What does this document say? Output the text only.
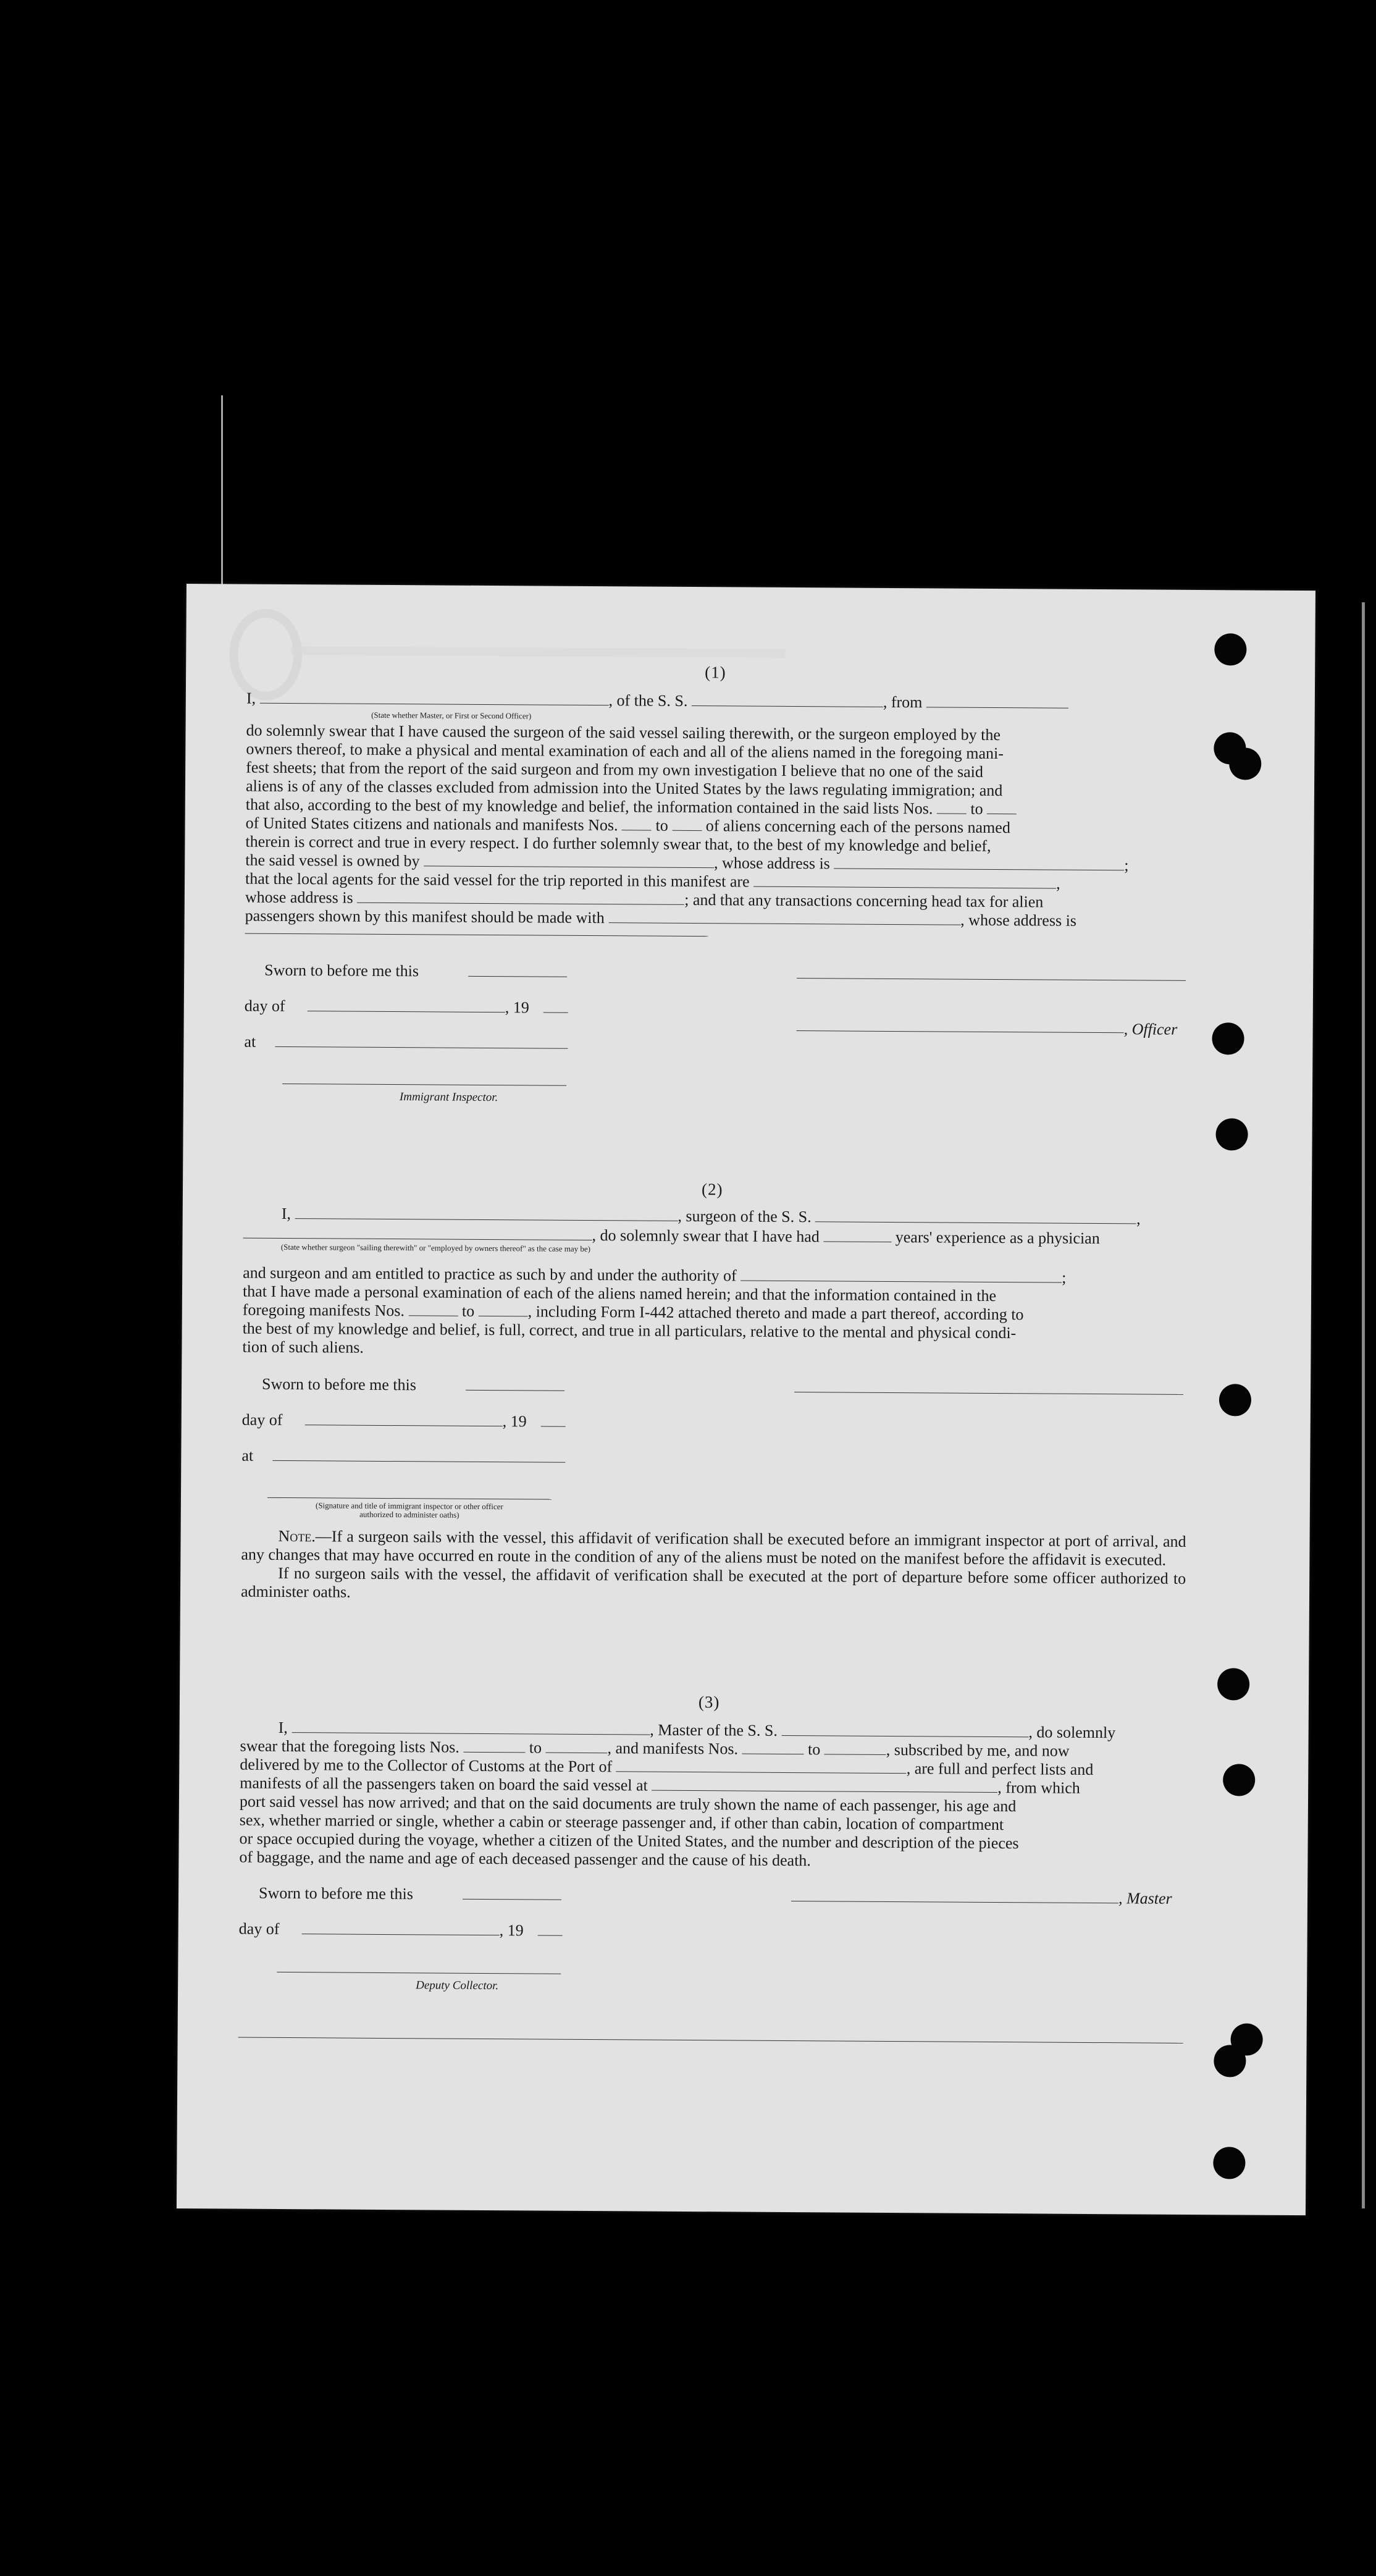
(1)
I,	, of the S. S.	, from
(State whether Master, or First or Second Officer)

do solemnly swear that I have caused the surgeon of the said vessel sailing therewith, or the surgeon employed by the

owners thereof, to make a physical and mental examination of each and all of the aliens named in the foregoing mani-

fest sheets; that from the report of the said surgeon and from my own investigation I believe that no one of the said

aliens is of any of the classes excluded from admission into the United States by the laws regulating immigration; and

that also, according to the best of my knowledge and belief, the information contained in the said lists Nos. to

of United States citizens and nationals and manifests Nos. to of aliens concerning each of the persons named

therein is correct and true in every respect. I do further solemnly swear that, to the best of my knowledge and belief,

the said vessel is owned by	, whose address is	;

that the local agents for the said vessel for the trip reported in this manifest are	,

whose address is	; and that any transactions concerning head tax for alien

passengers shown by this manifest should be made with	, whose address is

Sworn to before me this
day of	, 19
, Officer
at
Immigrant Inspector.
(2)
I,	, surgeon of the S. S.	,
, do solemnly swear that I have had	years' experience as a physician
(State whether surgeon "sailing therewith" or "employed by owners thereof" as the case may be)

and surgeon and am entitled to practice as such by and under the authority of	;

that I have made a personal examination of each of the aliens named herein; and that the information contained in the

foregoing manifests Nos.	to	, including Form I-442 attached thereto and made a part thereof, according to

the best of my knowledge and belief, is full, correct, and true in all particulars, relative to the mental and physical condi-

tion of such aliens.

Sworn to before me this
day of	, 19
at
(Signature and title of immigrant inspector or other officer authorized to administer oaths)

Note.—If a surgeon sails with the vessel, this affidavit of verification shall be executed before an immigrant inspector at port of arrival, and any changes that may have occurred en route in the condition of any of the aliens must be noted on the manifest before the affidavit is executed.

If no surgeon sails with the vessel, the affidavit of verification shall be executed at the port of departure before some officer authorized to administer oaths.

(3)
I,	, Master of the S. S.	, do solemnly
swear that the foregoing lists Nos.	to	, and manifests Nos.	to	, subscribed by me, and now
delivered by me to the Collector of Customs at the Port of	, are full and perfect lists and
manifests of all the passengers taken on board the said vessel at	, from which

port said vessel has now arrived; and that on the said documents are truly shown the name of each passenger, his age and

sex, whether married or single, whether a cabin or steerage passenger and, if other than cabin, location of compartment

or space occupied during the voyage, whether a citizen of the United States, and the number and description of the pieces

of baggage, and the name and age of each deceased passenger and the cause of his death.

Sworn to before me this	, Master
day of	, 19
Deputy Collector.
